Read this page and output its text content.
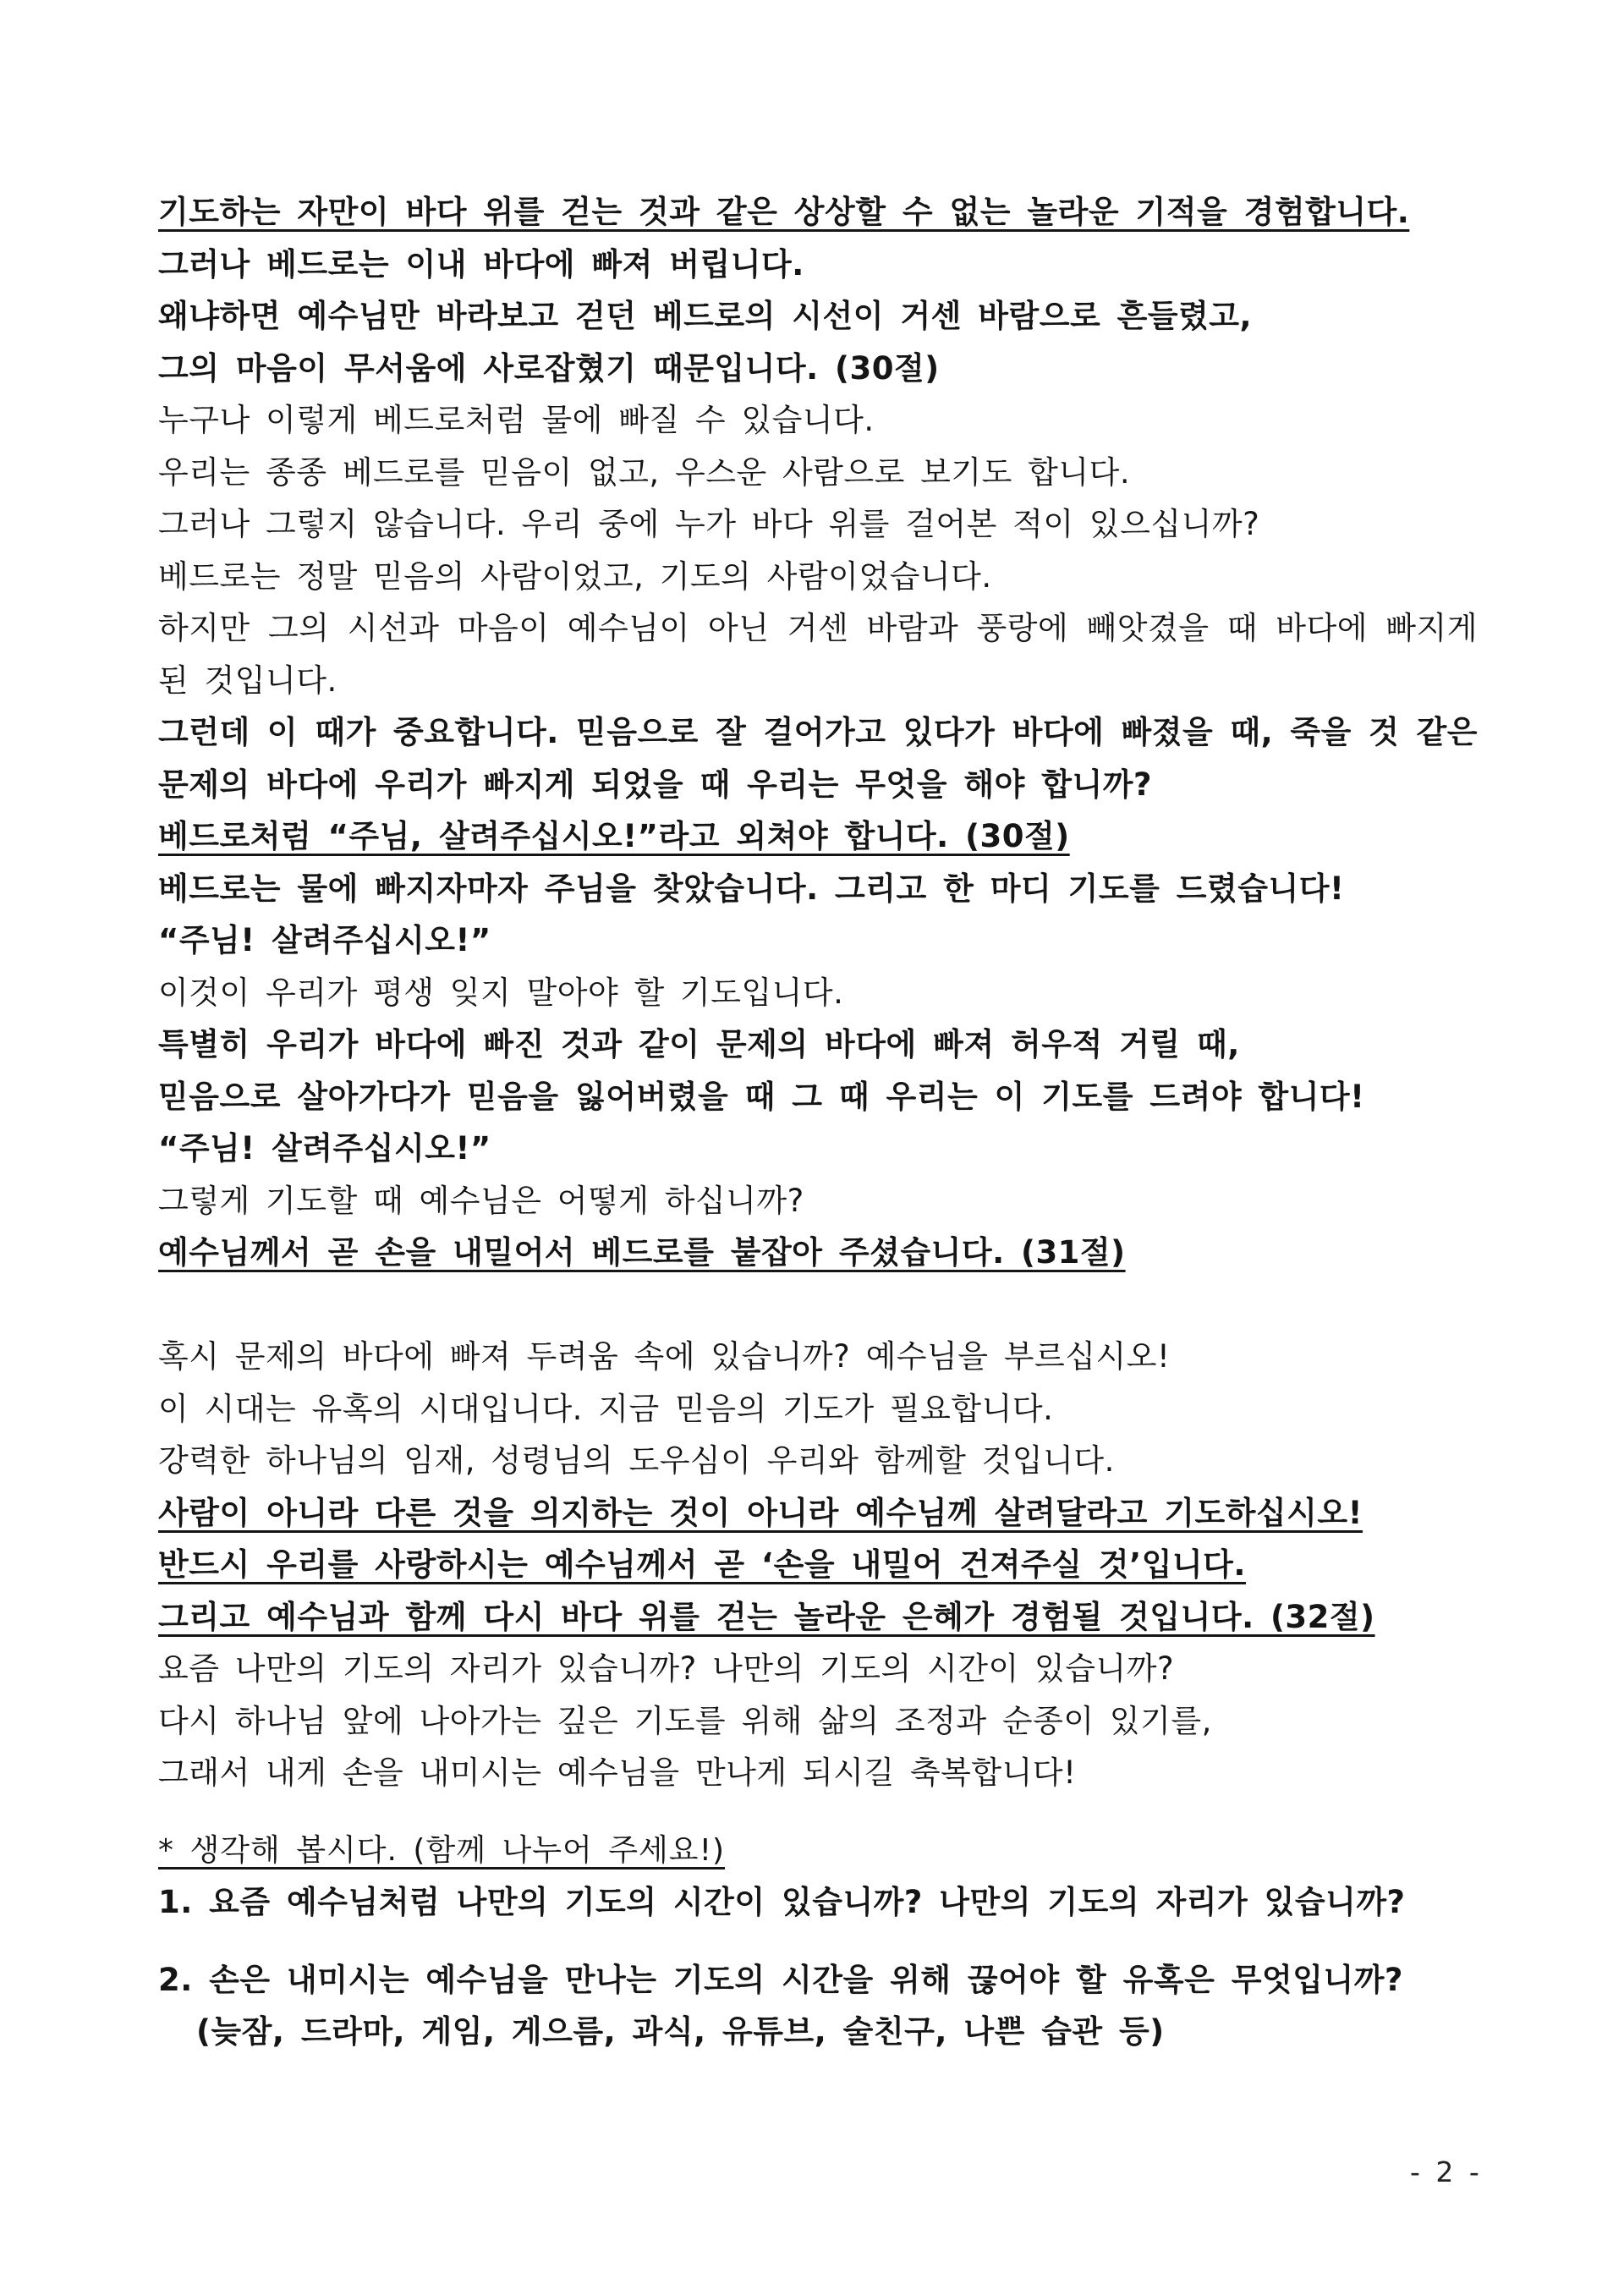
기도하는 자만이 바다 위를 걷는 것과 같은 상상할 수 없는 놀라운 기적을 경험합니다.
그러나 베드로는 이내 바다에 빠져 버립니다.
왜냐하면 예수님만 바라보고 걷던 베드로의 시선이 거센 바람으로 흔들렸고,
그의 마음이 무서움에 사로잡혔기 때문입니다. (30절)
누구나 이렇게 베드로처럼 물에 빠질 수 있습니다.
우리는 종종 베드로를 믿음이 없고, 우스운 사람으로 보기도 합니다.
그러나 그렇지 않습니다. 우리 중에 누가 바다 위를 걸어본 적이 있으십니까?
베드로는 정말 믿음의 사람이었고, 기도의 사람이었습니다.
하지만 그의 시선과 마음이 예수님이 아닌 거센 바람과 풍랑에 빼앗겼을 때 바다에 빠지게 된 것입니다.
그런데 이 때가 중요합니다. 믿음으로 잘 걸어가고 있다가 바다에 빠졌을 때, 죽을 것 같은 문제의 바다에 우리가 빠지게 되었을 때 우리는 무엇을 해야 합니까?
베드로처럼 “주님, 살려주십시오!”라고 외쳐야 합니다. (30절)
베드로는 물에 빠지자마자 주님을 찾았습니다. 그리고 한 마디 기도를 드렸습니다!
“주님! 살려주십시오!”
이것이 우리가 평생 잊지 말아야 할 기도입니다.
특별히 우리가 바다에 빠진 것과 같이 문제의 바다에 빠져 허우적 거릴 때,
믿음으로 살아가다가 믿음을 잃어버렸을 때 그 때 우리는 이 기도를 드려야 합니다!
“주님! 살려주십시오!”
그렇게 기도할 때 예수님은 어떻게 하십니까?
예수님께서 곧 손을 내밀어서 베드로를 붙잡아 주셨습니다. (31절)
혹시 문제의 바다에 빠져 두려움 속에 있습니까? 예수님을 부르십시오!
이 시대는 유혹의 시대입니다. 지금 믿음의 기도가 필요합니다.
강력한 하나님의 임재, 성령님의 도우심이 우리와 함께할 것입니다.
사람이 아니라 다른 것을 의지하는 것이 아니라 예수님께 살려달라고 기도하십시오!
반드시 우리를 사랑하시는 예수님께서 곧 ‘손을 내밀어 건져주실 것’입니다.
그리고 예수님과 함께 다시 바다 위를 걷는 놀라운 은혜가 경험될 것입니다. (32절)
요즘 나만의 기도의 자리가 있습니까? 나만의 기도의 시간이 있습니까?
다시 하나님 앞에 나아가는 깊은 기도를 위해 삶의 조정과 순종이 있기를,
그래서 내게 손을 내미시는 예수님을 만나게 되시길 축복합니다!
* 생각해 봅시다. (함께 나누어 주세요!)
1. 요즘 예수님처럼 나만의 기도의 시간이 있습니까? 나만의 기도의 자리가 있습니까?
2. 손은 내미시는 예수님을 만나는 기도의 시간을 위해 끊어야 할 유혹은 무엇입니까?
(늦잠, 드라마, 게임, 게으름, 과식, 유튜브, 술친구, 나쁜 습관 등)
- 2 -
